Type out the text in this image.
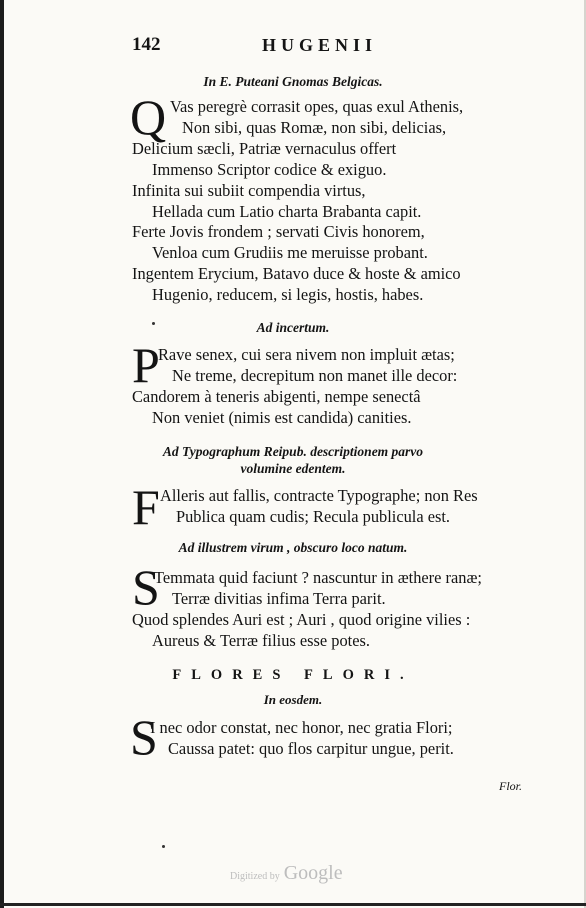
142	HUGENII
In E. Puteani Gnomas Belgicas.
Q Vas peregrè corrasit opes, quas exul Athenis,
Non sibi, quas Romæ, non sibi, delicias,
Delicium sæcli, Patriæ vernaculus offert
Immenso Scriptor codice & exiguo.
Infinita sui subiit compendia virtus,
Hellada cum Latio charta Brabanta capit.
Ferte Jovis frondem ; servati Civis honorem,
Venloa cum Grudiis me meruisse probant.
Ingentem Erycium, Batavo duce & hoste & amico
Hugenio, reducem, si legis, hostis, habes.
Ad incertum.
P
Rave senex, cui sera nivem non impluit ætas;
Ne treme, decrepitum non manet ille decor:
Candorem à teneris abigenti, nempe senectâ
Non veniet (nimis est candida) canities.
Ad Typographum Reipub. descriptionem parvo
volumine edentem.
F Alleris aut fallis, contracte Typographe; non Res
Publica quam cudis; Recula publicula est.
Ad illustrem virum , obscuro loco natum.
S
Temmata quid faciunt ? nascuntur in æthere ranæ;
Terræ divitias infima Terra parit.
Quod splendes Auri est ; Auri , quod origine vilies :
Aureus & Terræ filius esse potes.
FLORES FLORI.
In eosdem.
S
I nec odor constat, nec honor, nec gratia Flori;
Caussa patet: quo flos carpitur ungue, perit.
Flor.
Digitized by Google
